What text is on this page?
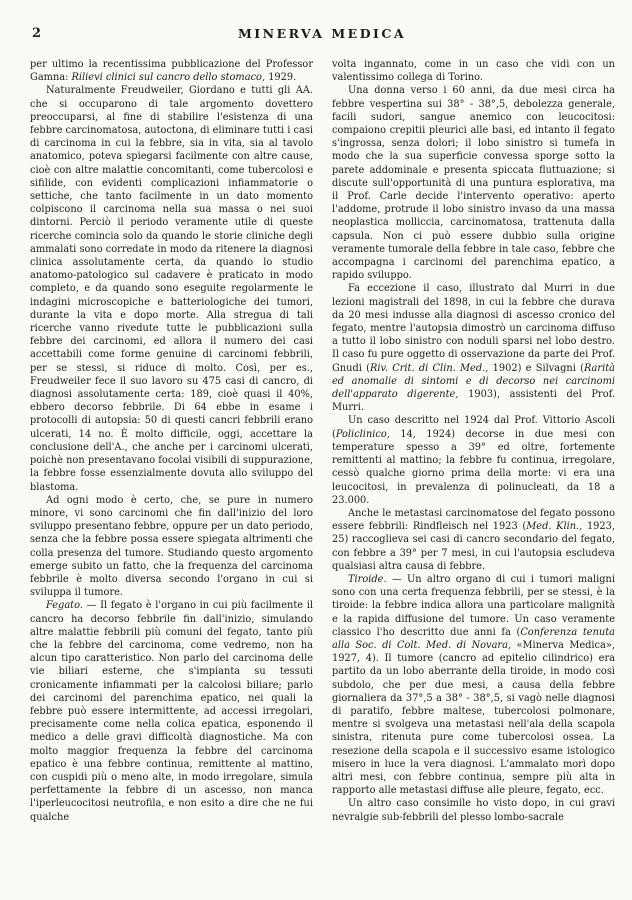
2	MINERVA MEDICA

per ultimo la recentissima pubblicazione del Professor Gamna: Rilievi clinici sul cancro dello stomaco, 1929.

Naturalmente Freudweiler, Giordano e tutti gli AA. che si occuparono di tale argomento dovettero preoccuparsi, al fine di stabilire l'esistenza di una febbre carcinomatosa, autoctona, di eliminare tutti i casi di carcinoma in cui la febbre, sia in vita, sia al tavolo anatomico, poteva spiegarsi facilmente con altre cause, cioè con altre malattie concomitanti, come tubercolosi e sifilide, con evidenti complicazioni infiammatorie o settiche, che tanto facilmente in un dato momento colpiscono il carcinoma nella sua massa o nei suoi dintorni. Perciò il periodo veramente utile di queste ricerche comincia solo da quando le storie cliniche degli ammalati sono corredate in modo da ritenere la diagnosi clinica assolutamente certa, da quando lo studio anatomo-patologico sul cadavere è praticato in modo completo, e da quando sono eseguite regolarmente le indagini microscopiche e batteriologiche dei tumori, durante la vita e dopo morte. Alla stregua di tali ricerche vanno rivedute tutte le pubblicazioni sulla febbre dei carcinomi, ed allora il numero dei casi accettabili come forme genuine di carcinomi febbrili, per se stessi, si riduce di molto. Così, per es., Freudweiler fece il suo lavoro su 475 casi di cancro, di diagnosi assolutamente certa: 189, cioè quasi il 40%, ebbero decorso febbrile. Di 64 ebbe in esame i protocolli di autopsia: 50 di questi cancri febbrili erano ulcerati, 14 no. È molto difficile, oggi, accettare la conclusione dell'A., che anche per i carcinomi ulcerati, poichè non presentavano focolai visibili di suppurazione, la febbre fosse essenzialmente dovuta allo sviluppo del blastoma.

Ad ogni modo è certo, che, se pure in numero minore, vi sono carcinomi che fin dall'inizio del loro sviluppo presentano febbre, oppure per un dato periodo, senza che la febbre possa essere spiegata altrimenti che colla presenza del tumore. Studiando questo argomento emerge subito un fatto, che la frequenza del carcinoma febbrile è molto diversa secondo l'organo in cui si sviluppa il tumore.

Fegato. — Il fegato è l'organo in cui più facilmente il cancro ha decorso febbrile fin dall'inizio, simulando altre malattie febbrili più comuni del fegato, tanto più che la febbre del carcinoma, come vedremo, non ha alcun tipo caratteristico. Non parlo del carcinoma delle vie biliari esterne, che s'impianta su tessuti cronicamente infiammati per la calcolosi biliare; parlo dei carcinomi del parenchima epatico, nei quali la febbre può essere intermittente, ad accessi irregolari, precisamente come nella colica epatica, esponendo il medico a delle gravi difficoltà diagnostiche. Ma con molto maggior frequenza la febbre del carcinoma epatico è una febbre continua, remittente al mattino, con cuspidi più o meno alte, in modo irregolare, simula perfettamente la febbre di un ascesso, non manca l'iperleucocitosi neutrofila, e non esito a dire che ne fui qualche

volta ingannato, come in un caso che vidi con un valentissimo collega di Torino.

Una donna verso i 60 anni, da due mesi circa ha febbre vespertina sui 38° - 38°,5, debolezza generale, facili sudori, sangue anemico con leucocitosi: compaiono crepitii pleurici alle basi, ed intanto il fegato s'ingrossa, senza dolori; il lobo sinistro si tumefa in modo che la sua superficie convessa sporge sotto la parete addominale e presenta spiccata fluttuazione; si discute sull'opportunità di una puntura esplorativa, ma il Prof. Carle decide l'intervento operativo: aperto l'addome, protrude il lobo sinistro invaso da una massa neoplastica molliccia, carcinomatosa, trattenuta dalla capsula. Non ci può essere dubbio sulla origine veramente tumorale della febbre in tale caso, febbre che accompagna i carcinomi del parenchima epatico, a rapido sviluppo.

Fa eccezione il caso, illustrato dal Murri in due lezioni magistrali del 1898, in cui la febbre che durava da 20 mesi indusse alla diagnosi di ascesso cronico del fegato, mentre l'autopsia dimostrò un carcinoma diffuso a tutto il lobo sinistro con noduli sparsi nel lobo destro. Il caso fu pure oggetto di osservazione da parte dei Prof. Gnudi (Riv. Crit. di Clin. Med., 1902) e Silvagni (Rarità ed anomalie di sintomi e di decorso nei carcinomi dell'apparato digerente, 1903), assistenti del Prof. Murri.

Un caso descritto nel 1924 dal Prof. Vittorio Ascoli (Policlinico, 14, 1924) decorse in due mesi con temperature spesso a 39° ed oltre, fortemente remittenti al mattino; la febbre fu continua, irregolare, cessò qualche giorno prima della morte: vi era una leucocitosi, in prevalenza di polinucleati, da 18 a 23.000.

Anche le metastasi carcinomatose del fegato possono essere febbrili: Rindfleisch nel 1923 (Med. Klin., 1923, 25) raccoglieva sei casi di cancro secondario del fegato, con febbre a 39° per 7 mesi, in cui l'autopsia escludeva qualsiasi altra causa di febbre.

Tiroide. — Un altro organo di cui i tumori maligni sono con una certa frequenza febbrili, per se stessi, è la tiroide: la febbre indica allora una particolare malignità e la rapida diffusione del tumore. Un caso veramente classico l'ho descritto due anni fa (Conferenza tenuta alla Soc. di Colt. Med. di Novara, «Minerva Medica», 1927, 4). Il tumore (cancro ad epitelio cilindrico) era partito da un lobo aberrante della tiroide, in modo così subdolo, che per due mesi, a causa della febbre giornaliera da 37°,5 a 38° - 38°,5, si vagò nelle diagnosi di paratifo, febbre maltese, tubercolosi polmonare, mentre si svolgeva una metastasi nell'ala della scapola sinistra, ritenuta pure come tubercolosi ossea. La resezione della scapola e il successivo esame istologico misero in luce la vera diagnosi. L'ammalato morì dopo altri mesi, con febbre continua, sempre più alta in rapporto alle metastasi diffuse alle pleure, fegato, ecc.

Un altro caso consimile ho visto dopo, in cui gravi nevralgie sub-febbrili del plesso lombo-sacrale
